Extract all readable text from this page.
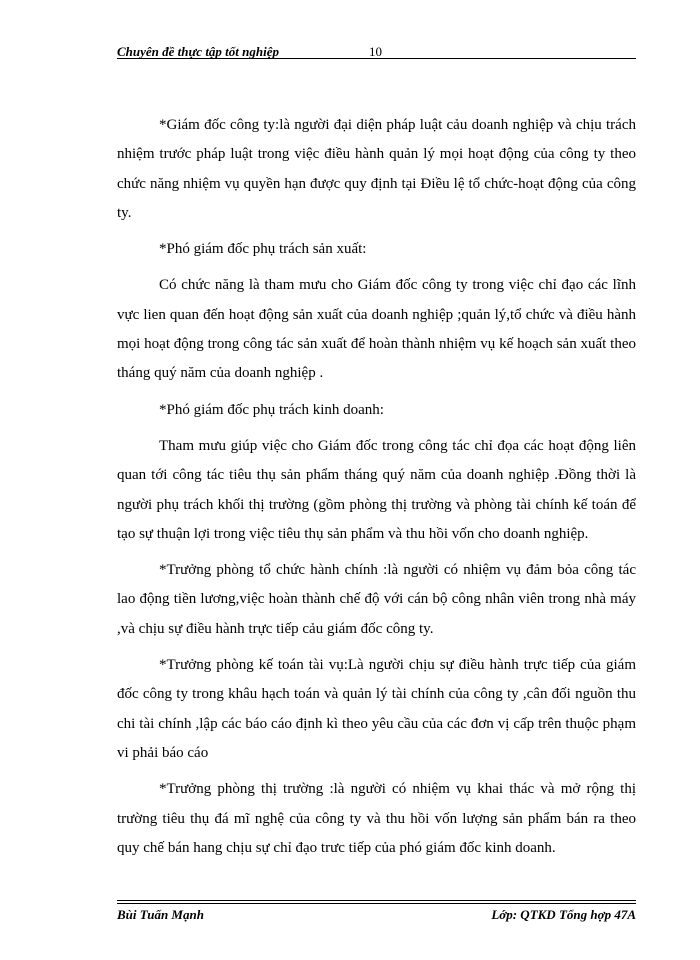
Chuyên đề thực tập tốt nghiệp	10

*Giám đốc công ty:là người đại diện pháp luật cảu doanh nghiệp và chịu trách nhiệm trước pháp luật trong việc điều hành quản lý mọi hoạt động của công ty theo chức năng nhiệm vụ quyền hạn được quy định tại Điều lệ tổ chức-hoạt động của công ty.

*Phó giám đốc phụ trách sản xuất:

Có chức năng là tham mưu cho Giám đốc công ty trong việc chỉ đạo các lĩnh vực lien quan đến hoạt động sản xuất của doanh nghiệp ;quản lý,tổ chức và điều hành mọi hoạt động trong công tác sản xuất để hoàn thành nhiệm vụ kế hoạch sản xuất theo tháng quý năm của doanh nghiệp .

*Phó giám đốc phụ trách kinh doanh:

Tham mưu giúp việc cho Giám đốc trong công tác chỉ đọa các hoạt động liên quan tới công tác tiêu thụ sản phẩm tháng quý năm của doanh nghiệp .Đồng thời là người phụ trách khối thị trường (gồm phòng thị trường và phòng tài chính kế toán để tạo sự thuận lợi trong việc tiêu thụ sản phẩm và thu hồi vốn cho doanh nghiệp.

*Trưởng phòng tổ chức hành chính :là người có nhiệm vụ đảm bỏa công tác lao động tiền lương,việc hoàn thành chế độ với cán bộ công nhân viên trong nhà máy ,và chịu sự điều hành trực tiếp cảu giám đốc công ty.

*Trưởng phòng kế toán tài vụ:Là người chịu sự điều hành trực tiếp của giám đốc công ty trong khâu hạch toán và quản lý tài chính của công ty ,cân đối nguồn thu chi tài chính ,lập các báo cáo định kì theo yêu cầu của các đơn vị cấp trên thuộc phạm vi phải báo cáo

*Trưởng phòng thị trường :là người có nhiệm vụ khai thác và mở rộng thị trường tiêu thụ đá mĩ nghệ của công ty và thu hồi vốn lượng sản phẩm bán ra theo quy chế bán hang chịu sự chỉ đạo trưc tiếp của phó giám đốc kinh doanh.

Bùi Tuấn Mạnh	Lớp: QTKD Tổng hợp 47A
